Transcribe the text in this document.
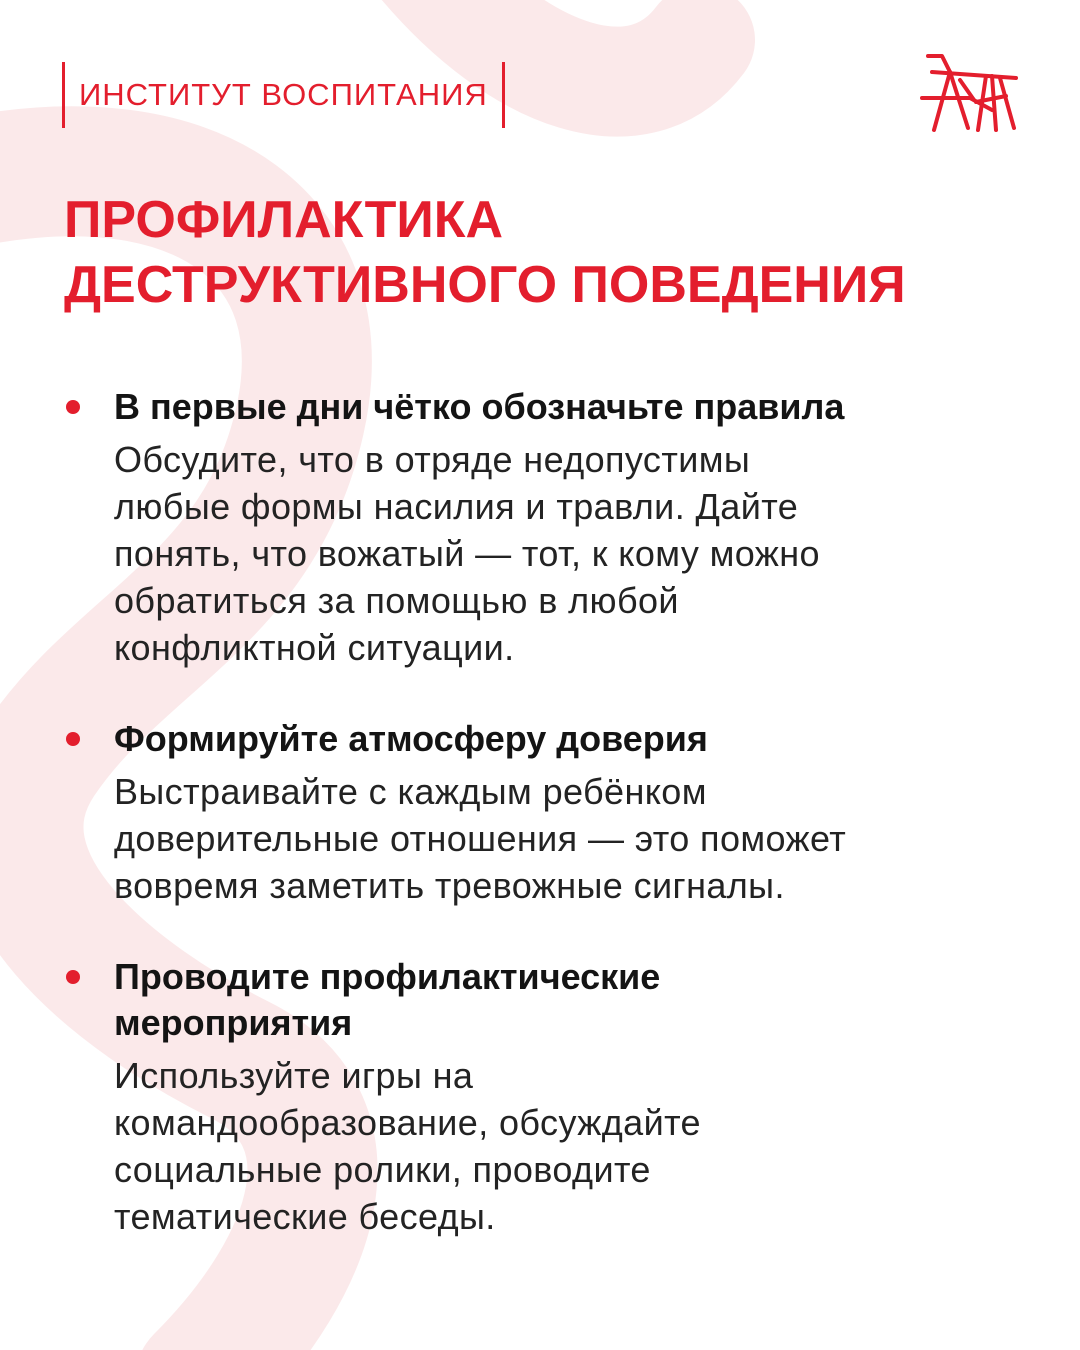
ИНСТИТУТ ВОСПИТАНИЯ
ПРОФИЛАКТИКА
ДЕСТРУКТИВНОГО ПОВЕДЕНИЯ
В первые дни чётко обозначьте правила
Обсудите, что в отряде недопустимы
любые формы насилия и травли. Дайте
понять, что вожатый — тот, к кому можно
обратиться за помощью в любой
конфликтной ситуации.
Формируйте атмосферу доверия
Выстраивайте с каждым ребёнком
доверительные отношения — это поможет
вовремя заметить тревожные сигналы.
Проводите профилактические
мероприятия
Используйте игры на
командообразование, обсуждайте
социальные ролики, проводите
тематические беседы.
